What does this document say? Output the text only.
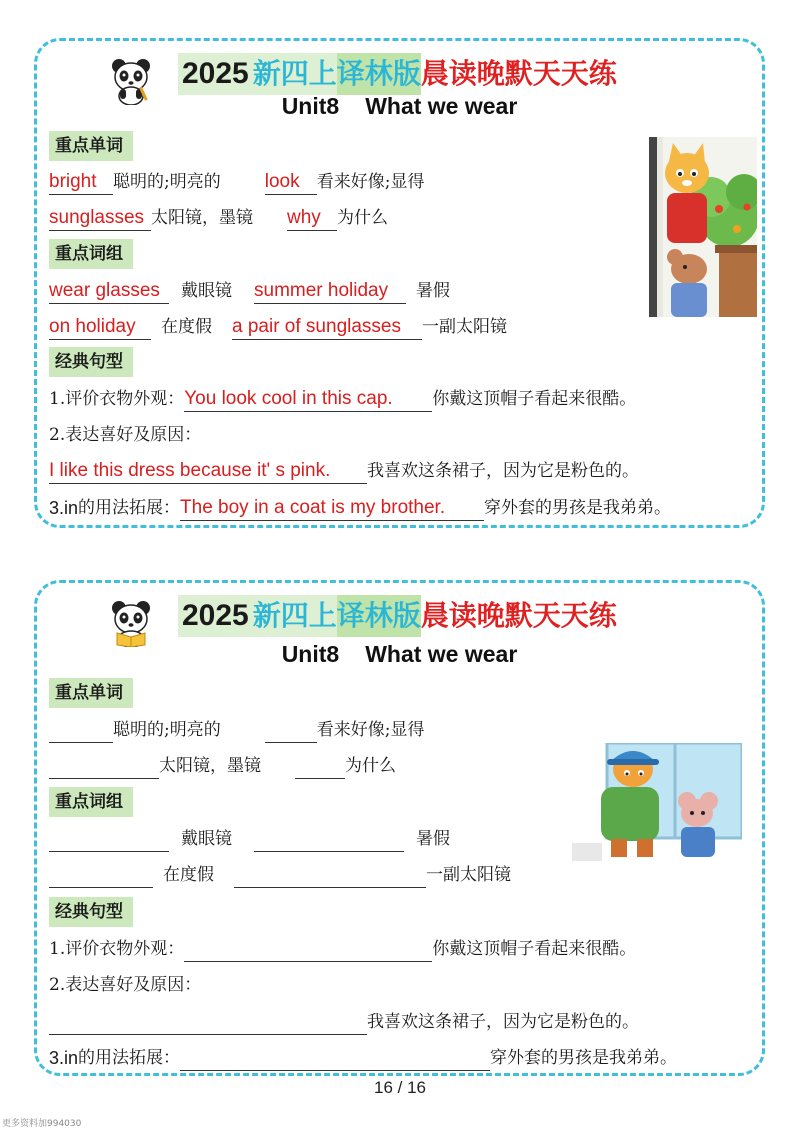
2025 新四上 译林版 晨读晚默天天练
Unit8 What we wear
重点单词
bright 聪明的;明亮的 look	看来好像;显得
sunglasses 太阳镜，墨镜 why 为什么
重点词组
wear glasses	戴眼镜 summer holiday	暑假
on holiday	在度假 a pair of sunglasses	一副太阳镜
经典句型
1.评价衣物外观： You look cool in this cap.	你戴这顶帽子看起来很酷。
2.表达喜好及原因：
I like this dress because it' s pink.	我喜欢这条裙子，因为它是粉色的。
3.in 的用法拓展： The boy in a coat is my brother.	穿外套的男孩是我弟弟。
2025 新四上 译林版 晨读晚默天天练
Unit8 What we wear
重点单词
聪明的;明亮的	看来好像;显得
太阳镜，墨镜	为什么
重点词组
戴眼镜	暑假
在度假	一副太阳镜
经典句型
1.评价衣物外观：	你戴这顶帽子看起来很酷。
2.表达喜好及原因：
我喜欢这条裙子，因为它是粉色的。
3.in 的用法拓展：	穿外套的男孩是我弟弟。
16 / 16
更多资料加994030
